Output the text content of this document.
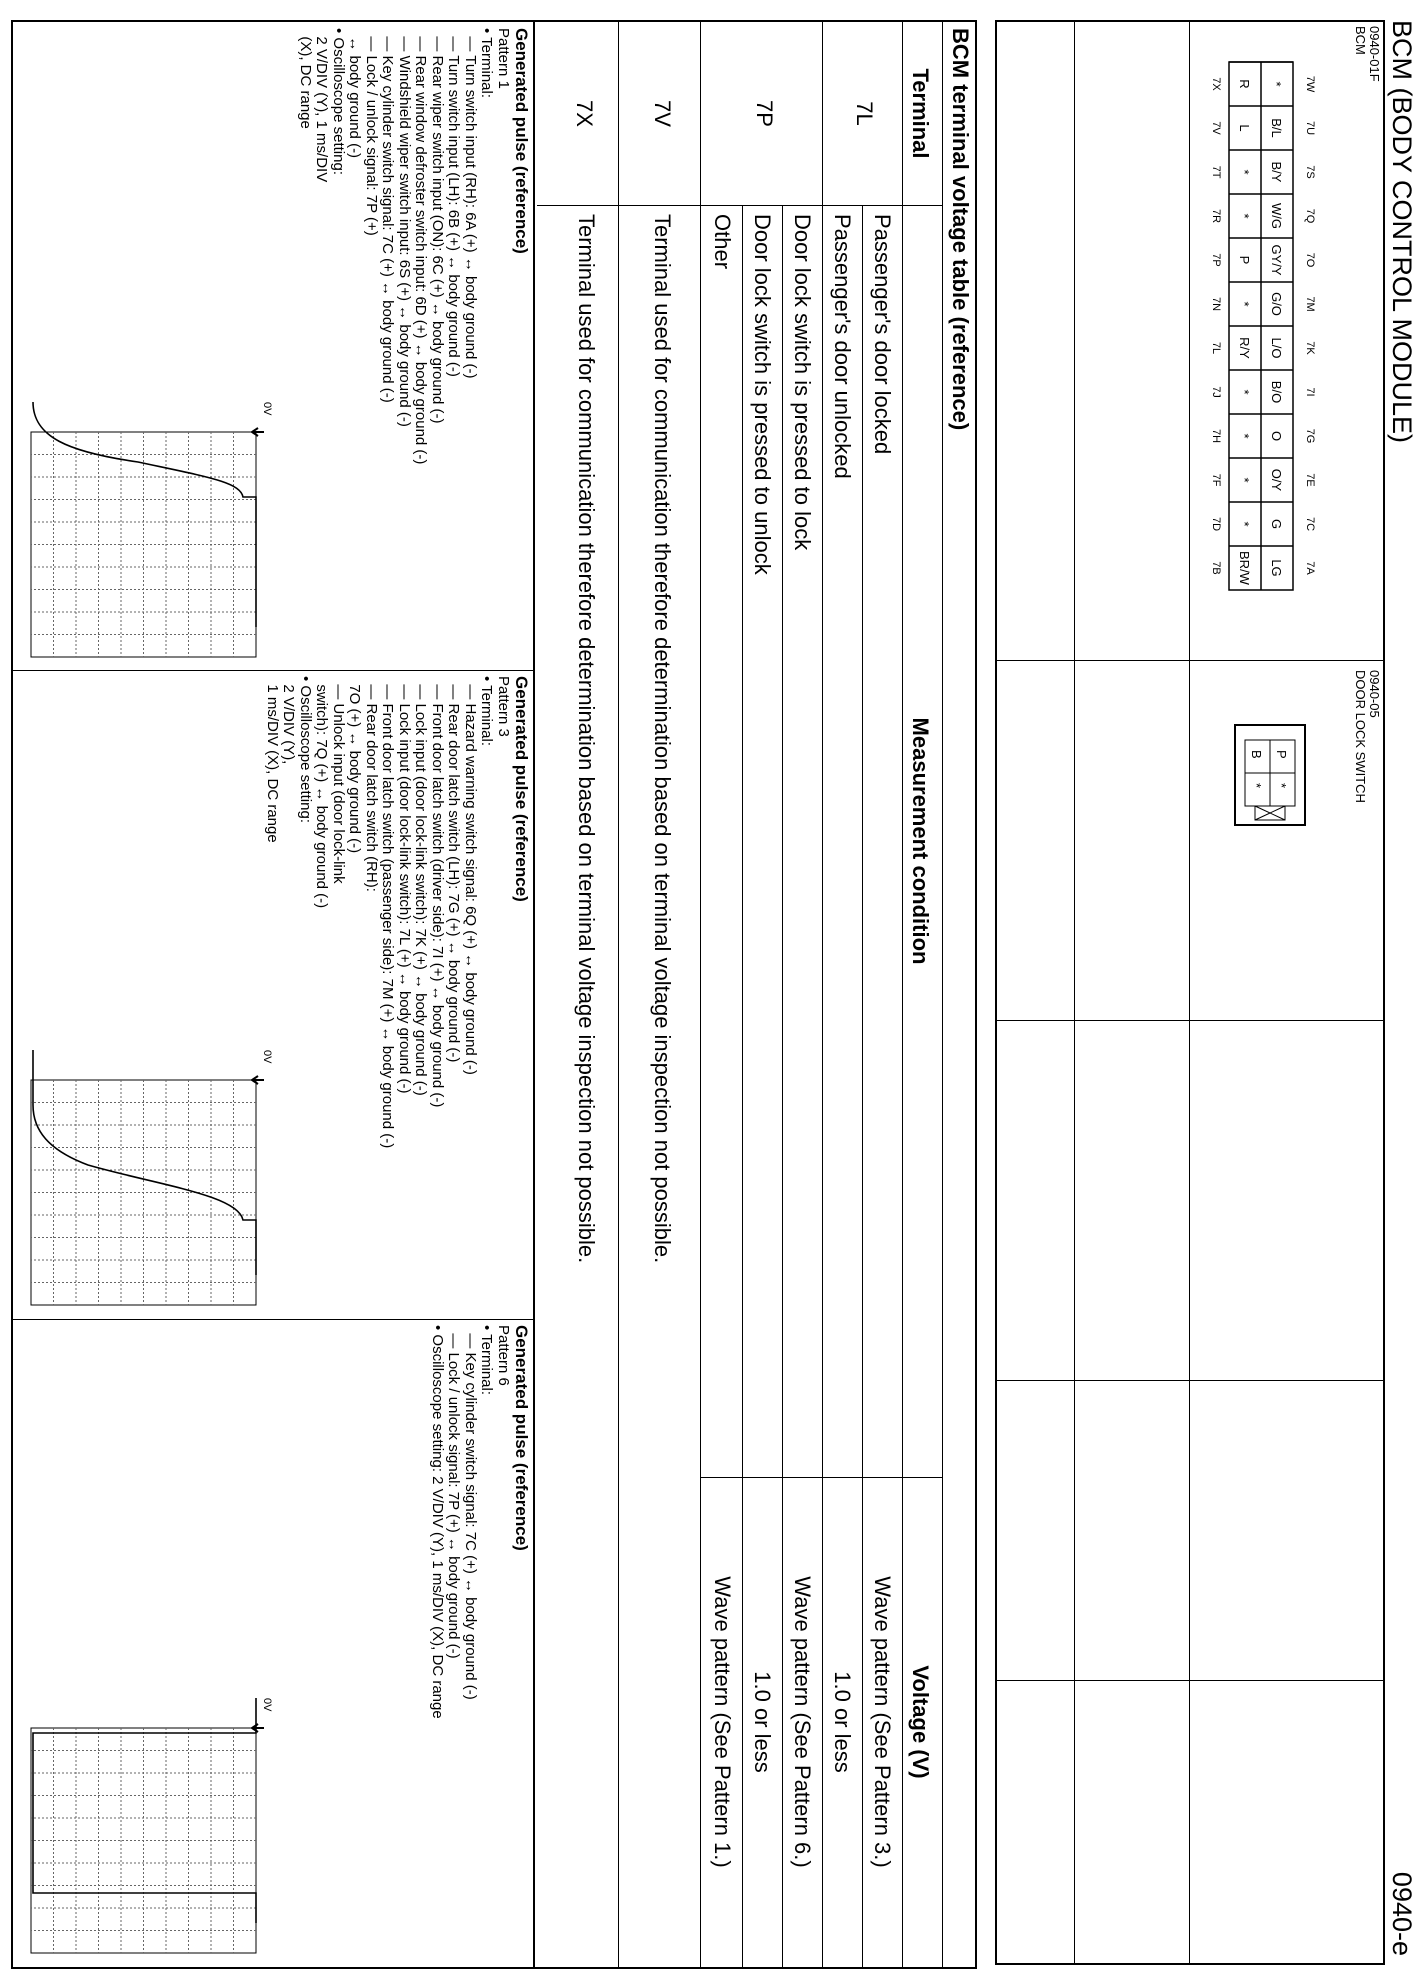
BCM (BODY CONTROL MODULE)
0940-e
0940-01F
BCM
7W
*
R
7X
7U
B/L
L
7V
7S
B/Y
*
7T
7Q
W/G
*
7R
7O
GY/Y
P
7P
7M
G/O
*
7N
7K
L/O
R/Y
7L
7I
B/O
*
7J
7G
O
*
7H
7E
O/Y
*
7F
7C
G
*
7D
7A
LG
BR/W
7B
0940-05
DOOR LOCK SWITCH
P
*
B
*
BCM terminal voltage table (reference)
Terminal
Measurement condition
Voltage (V)
7L
Passenger's door locked
Wave pattern (See Pattern 3.)
Passenger's door unlocked
1.0 or less
7P
Door lock switch is pressed to lock
Wave pattern (See Pattern 6.)
Door lock switch is pressed to unlock
1.0 or less
Other
Wave pattern (See Pattern 1.)
7V
Terminal used for communication therefore determination based on terminal voltage inspection not possible.
7X
Terminal used for communication therefore determination based on terminal voltage inspection not possible.
Generated pulse (reference)
Pattern 1
• Terminal:
— Turn switch input (RH): 6A (+) ↔ body ground (-)
— Turn switch input (LH): 6B (+) ↔ body ground (-)
— Rear wiper switch input (ON): 6C (+) ↔ body ground (-)
— Rear window defroster switch input: 6D (+) ↔ body ground (-)
— Windshield wiper switch input: 6S (+) ↔ body ground (-)
— Key cylinder switch signal: 7C (+) ↔ body ground (-)
— Lock / unlock signal: 7P (+)
↔ body ground (-)
• Oscilloscope setting:
2 V/DIV (Y), 1 ms/DIV
(X), DC range
0V
Generated pulse (reference)
Pattern 3
• Terminal:
— Hazard warning switch signal: 6Q (+) ↔ body ground (-)
— Rear door latch switch (LH): 7G (+) ↔ body ground (-)
— Front door latch switch (driver side): 7I (+) ↔ body ground (-)
— Lock input (door lock-link switch): 7K (+) ↔ body ground (-)
— Lock input (door lock-link switch): 7L (+) ↔ body ground (-)
— Front door latch switch (passenger side): 7M (+) ↔ body ground (-)
— Rear door latch switch (RH):
7O (+) ↔ body ground (-)
— Unlock input (door lock-link
switch): 7Q (+) ↔ body ground (-)
• Oscilloscope setting:
2 V/DIV (Y),
1 ms/DIV (X), DC range
0V
Generated pulse (reference)
Pattern 6
• Terminal:
— Key cylinder switch signal: 7C (+) ↔ body ground (-)
— Lock / unlock signal: 7P (+) ↔ body ground (-)
• Oscilloscope setting: 2 V/DIV (Y), 1 ms/DIV (X), DC range
0V
